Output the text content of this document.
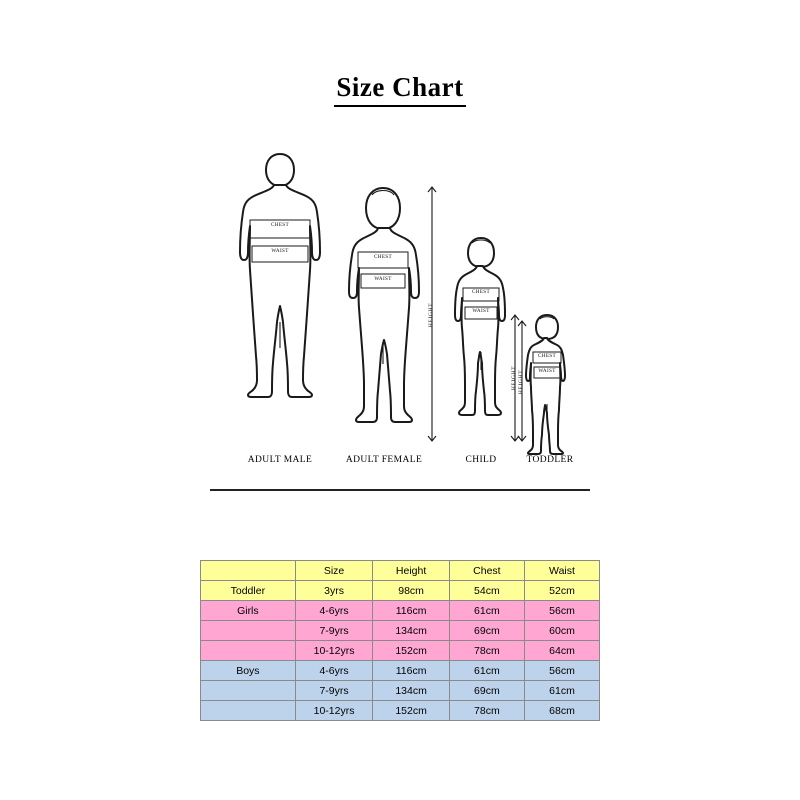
Size Chart
CHEST
WAIST
CHEST
WAIST
HEIGHT
CHEST
WAIST
HEIGHT
CHEST
WAIST
HEIGHT
ADULT MALE	ADULT FEMALE	CHILD	TODDLER
	Size	Height	Chest	Waist
Toddler	3yrs	98cm	54cm	52cm
Girls	4-6yrs	116cm	61cm	56cm
	7-9yrs	134cm	69cm	60cm
	10-12yrs	152cm	78cm	64cm
Boys	4-6yrs	116cm	61cm	56cm
	7-9yrs	134cm	69cm	61cm
	10-12yrs	152cm	78cm	68cm
